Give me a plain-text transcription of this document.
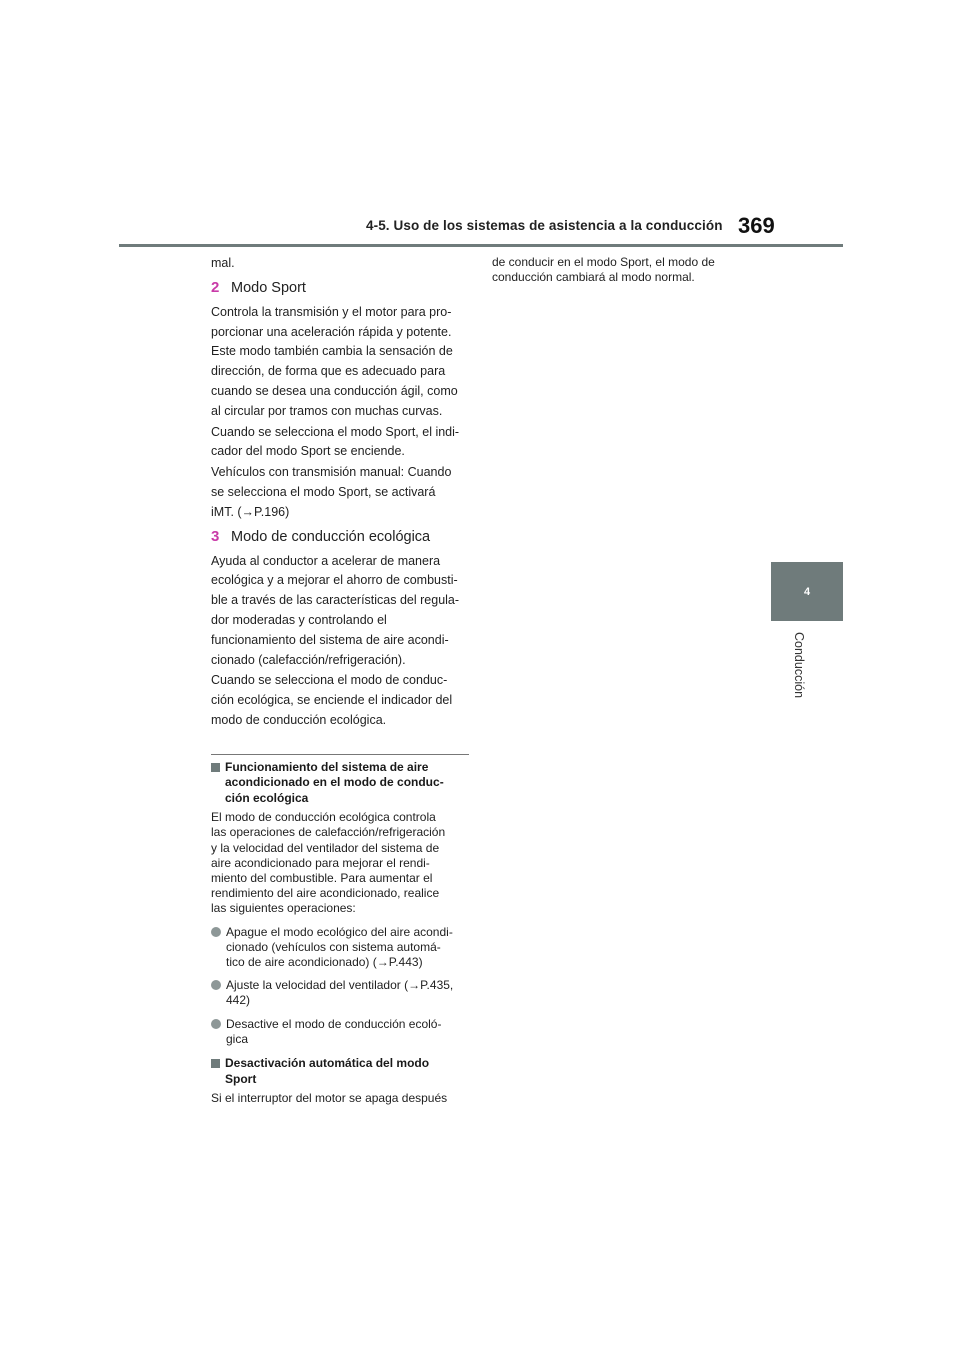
4-5. Uso de los sistemas de asistencia a la conducción 369
4
Conducción

mal.

2 Modo Sport

Controla la transmisión y el motor para pro-
porcionar una aceleración rápida y potente.
Este modo también cambia la sensación de
dirección, de forma que es adecuado para
cuando se desea una conducción ágil, como
al circular por tramos con muchas curvas.

Cuando se selecciona el modo Sport, el indi-
cador del modo Sport se enciende.

Vehículos con transmisión manual: Cuando
se selecciona el modo Sport, se activará
iMT. (→P.196)

3 Modo de conducción ecológica

Ayuda al conductor a acelerar de manera
ecológica y a mejorar el ahorro de combusti-
ble a través de las características del regula-
dor moderadas y controlando el
funcionamiento del sistema de aire acondi-
cionado (calefacción/refrigeración).

Cuando se selecciona el modo de conduc-
ción ecológica, se enciende el indicador del
modo de conducción ecológica.

Funcionamiento del sistema de aire
acondicionado en el modo de conduc-
ción ecológica

El modo de conducción ecológica controla
las operaciones de calefacción/refrigeración
y la velocidad del ventilador del sistema de
aire acondicionado para mejorar el rendi-
miento del combustible. Para aumentar el
rendimiento del aire acondicionado, realice
las siguientes operaciones:

Apague el modo ecológico del aire acondi-
cionado (vehículos con sistema automá-
tico de aire acondicionado) (→P.443)
Ajuste la velocidad del ventilador (→P.435,
442)
Desactive el modo de conducción ecoló-
gica
Desactivación automática del modo
Sport

Si el interruptor del motor se apaga después

de conducir en el modo Sport, el modo de
conducción cambiará al modo normal.
